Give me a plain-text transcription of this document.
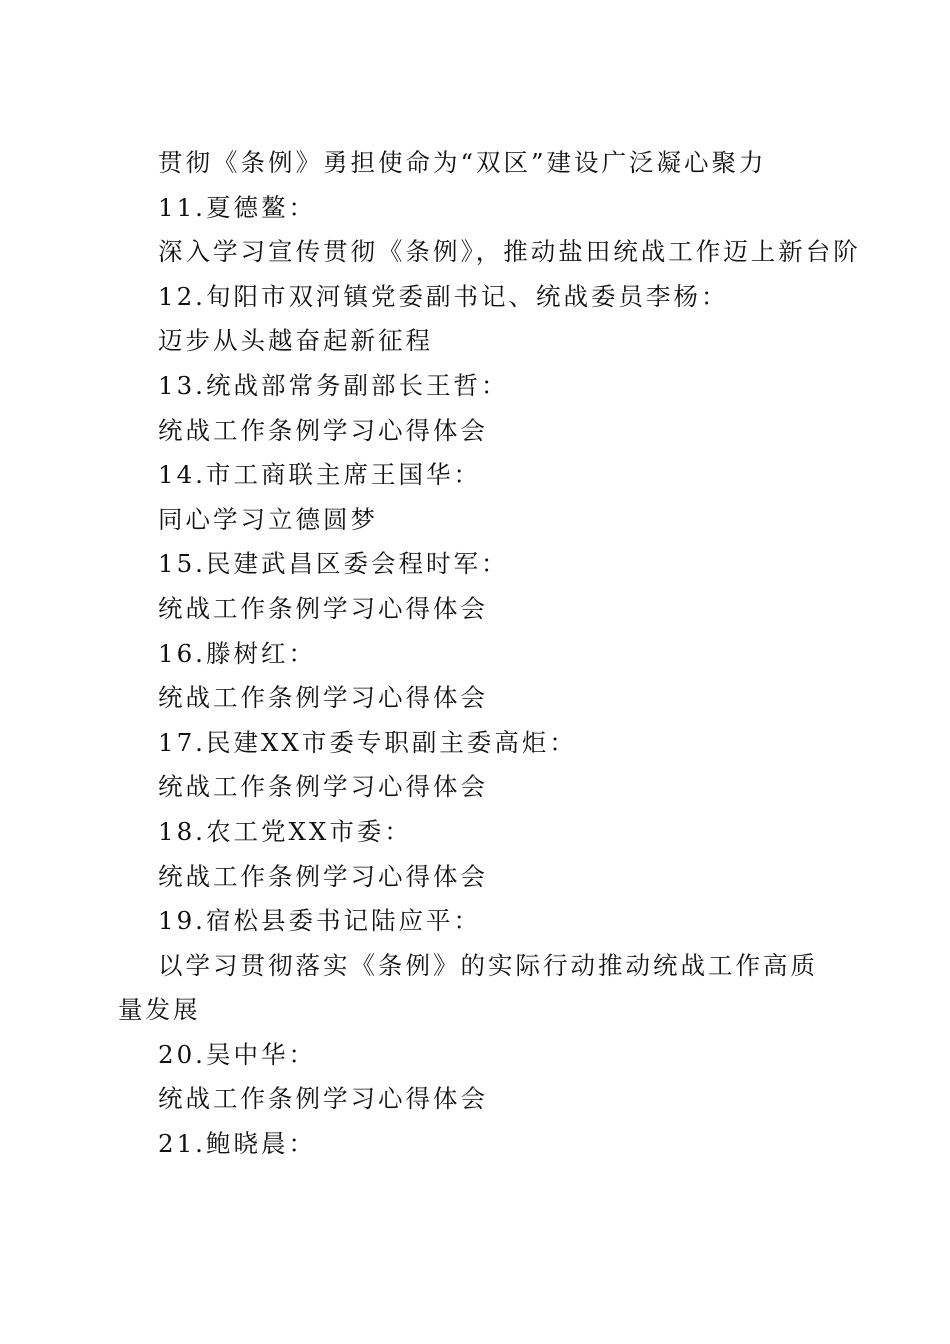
贯彻《条例》勇担使命为“双区”建设广泛凝心聚力
11.夏德鳌：
深入学习宣传贯彻《条例》，推动盐田统战工作迈上新台阶
12.旬阳市双河镇党委副书记、统战委员李杨：
迈步从头越奋起新征程
13.统战部常务副部长王哲：
统战工作条例学习心得体会
14.市工商联主席王国华：
同心学习立德圆梦
15.民建武昌区委会程时军：
统战工作条例学习心得体会
16.滕树红：
统战工作条例学习心得体会
17.民建XX市委专职副主委高炬：
统战工作条例学习心得体会
18.农工党XX市委：
统战工作条例学习心得体会
19.宿松县委书记陆应平：
以学习贯彻落实《条例》的实际行动推动统战工作高质量发展
20.吴中华：
统战工作条例学习心得体会
21.鲍晓晨：
